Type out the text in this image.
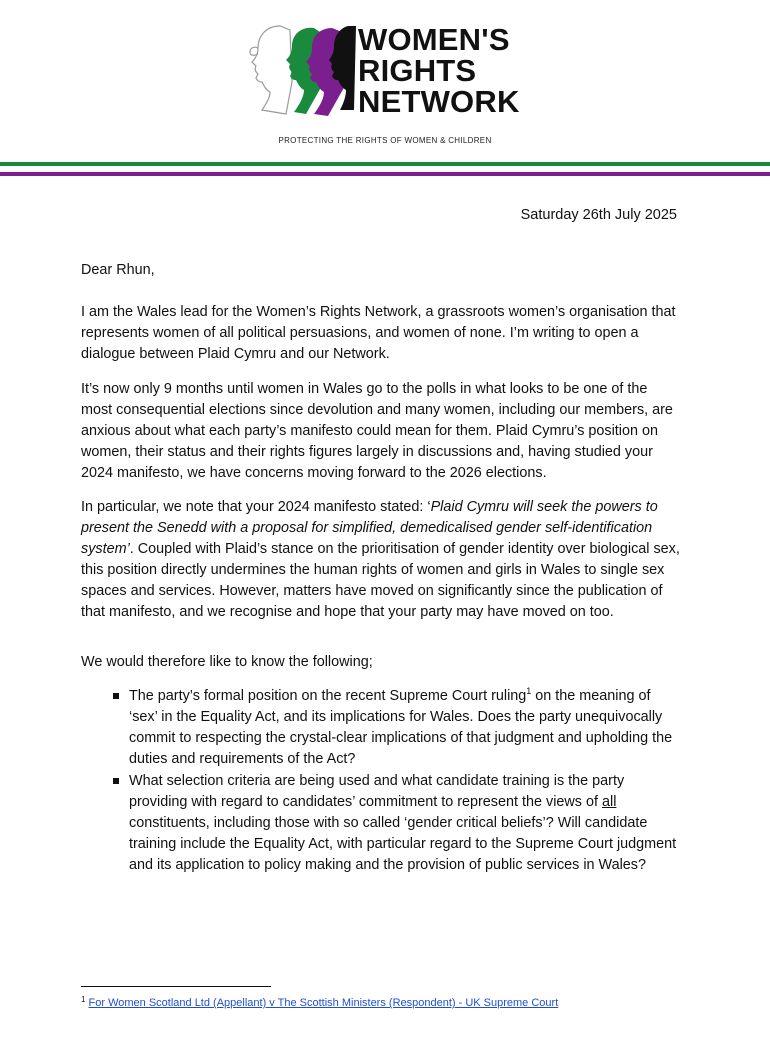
WOMEN'S
RIGHTS
NETWORK
PROTECTING THE RIGHTS OF WOMEN & CHILDREN
Saturday 26th July 2025

Dear Rhun,

I am the Wales lead for the Women’s Rights Network, a grassroots women’s organisation that represents women of all political persuasions, and women of none. I’m writing to open a dialogue between Plaid Cymru and our Network.

It’s now only 9 months until women in Wales go to the polls in what looks to be one of the most consequential elections since devolution and many women, including our members, are anxious about what each party’s manifesto could mean for them. Plaid Cymru’s position on women, their status and their rights figures largely in discussions and, having studied your 2024 manifesto, we have concerns moving forward to the 2026 elections.

In particular, we note that your 2024 manifesto stated: ‘Plaid Cymru will seek the powers to present the Senedd with a proposal for simplified, demedicalised gender self-identification system’. Coupled with Plaid’s stance on the prioritisation of gender identity over biological sex, this position directly undermines the human rights of women and girls in Wales to single sex spaces and services. However, matters have moved on significantly since the publication of that manifesto, and we recognise and hope that your party may have moved on too.

We would therefore like to know the following;

The party’s formal position on the recent Supreme Court ruling$^1$ on the meaning of ‘sex’ in the Equality Act, and its implications for Wales. Does the party unequivocally commit to respecting the crystal-clear implications of that judgment and upholding the duties and requirements of the Act?

What selection criteria are being used and what candidate training is the party providing with regard to candidates’ commitment to represent the views of all constituents, including those with so called ‘gender critical beliefs’? Will candidate training include the Equality Act, with particular regard to the Supreme Court judgment and its application to policy making and the provision of public services in Wales?

$^1$ For Women Scotland Ltd (Appellant) v The Scottish Ministers (Respondent) - UK Supreme Court
